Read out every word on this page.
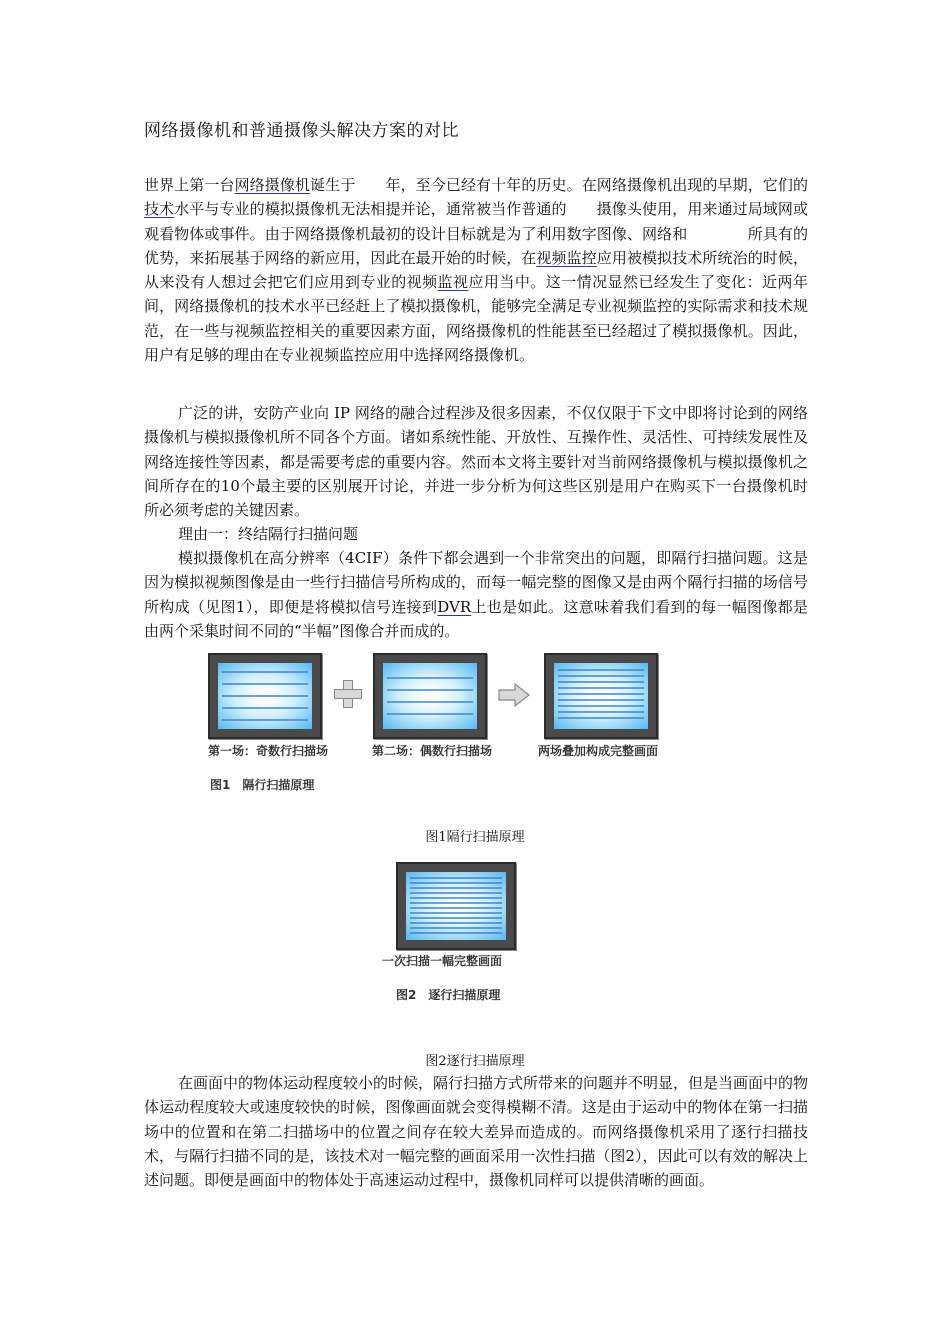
网络摄像机和普通摄像头解决方案的对比
世界上第一台网络摄像机诞生于　　年，至今已经有十年的历史。在网络摄像机出现的早期，它们的技术水平与专业的模拟摄像机无法相提并论，通常被当作普通的　　摄像头使用，用来通过局域网或　　　　　观看物体或事件。由于网络摄像机最初的设计目标就是为了利用数字图像、网络和　　　　所具有的优势，来拓展基于网络的新应用，因此在最开始的时候，在视频监控应用被模拟技术所统治的时候，从来没有人想过会把它们应用到专业的视频监视应用当中。这一情况显然已经发生了变化：近两年间，网络摄像机的技术水平已经赶上了模拟摄像机，能够完全满足专业视频监控的实际需求和技术规范，在一些与视频监控相关的重要因素方面，网络摄像机的性能甚至已经超过了模拟摄像机。因此，用户有足够的理由在专业视频监控应用中选择网络摄像机。
广泛的讲，安防产业向 IP 网络的融合过程涉及很多因素，不仅仅限于下文中即将讨论到的网络摄像机与模拟摄像机所不同各个方面。诸如系统性能、开放性、互操作性、灵活性、可持续发展性及网络连接性等因素，都是需要考虑的重要内容。然而本文将主要针对当前网络摄像机与模拟摄像机之间所存在的10个最主要的区别展开讨论，并进一步分析为何这些区别是用户在购买下一台摄像机时所必须考虑的关键因素。
理由一：终结隔行扫描问题
模拟摄像机在高分辨率（4CIF）条件下都会遇到一个非常突出的问题，即隔行扫描问题。这是因为模拟视频图像是由一些行扫描信号所构成的，而每一幅完整的图像又是由两个隔行扫描的场信号所构成（见图1），即便是将模拟信号连接到DVR上也是如此。这意味着我们看到的每一幅图像都是由两个采集时间不同的“半幅”图像合并而成的。
第一场：奇数行扫描场	第二场：偶数行扫描场	两场叠加构成完整画面
图1　隔行扫描原理
图1隔行扫描原理
一次扫描一幅完整画面
图2　逐行扫描原理
图2逐行扫描原理
在画面中的物体运动程度较小的时候，隔行扫描方式所带来的问题并不明显，但是当画面中的物体运动程度较大或速度较快的时候，图像画面就会变得模糊不清。这是由于运动中的物体在第一扫描场中的位置和在第二扫描场中的位置之间存在较大差异而造成的。而网络摄像机采用了逐行扫描技术，与隔行扫描不同的是，该技术对一幅完整的画面采用一次性扫描（图2），因此可以有效的解决上述问题。即便是画面中的物体处于高速运动过程中，摄像机同样可以提供清晰的画面。
